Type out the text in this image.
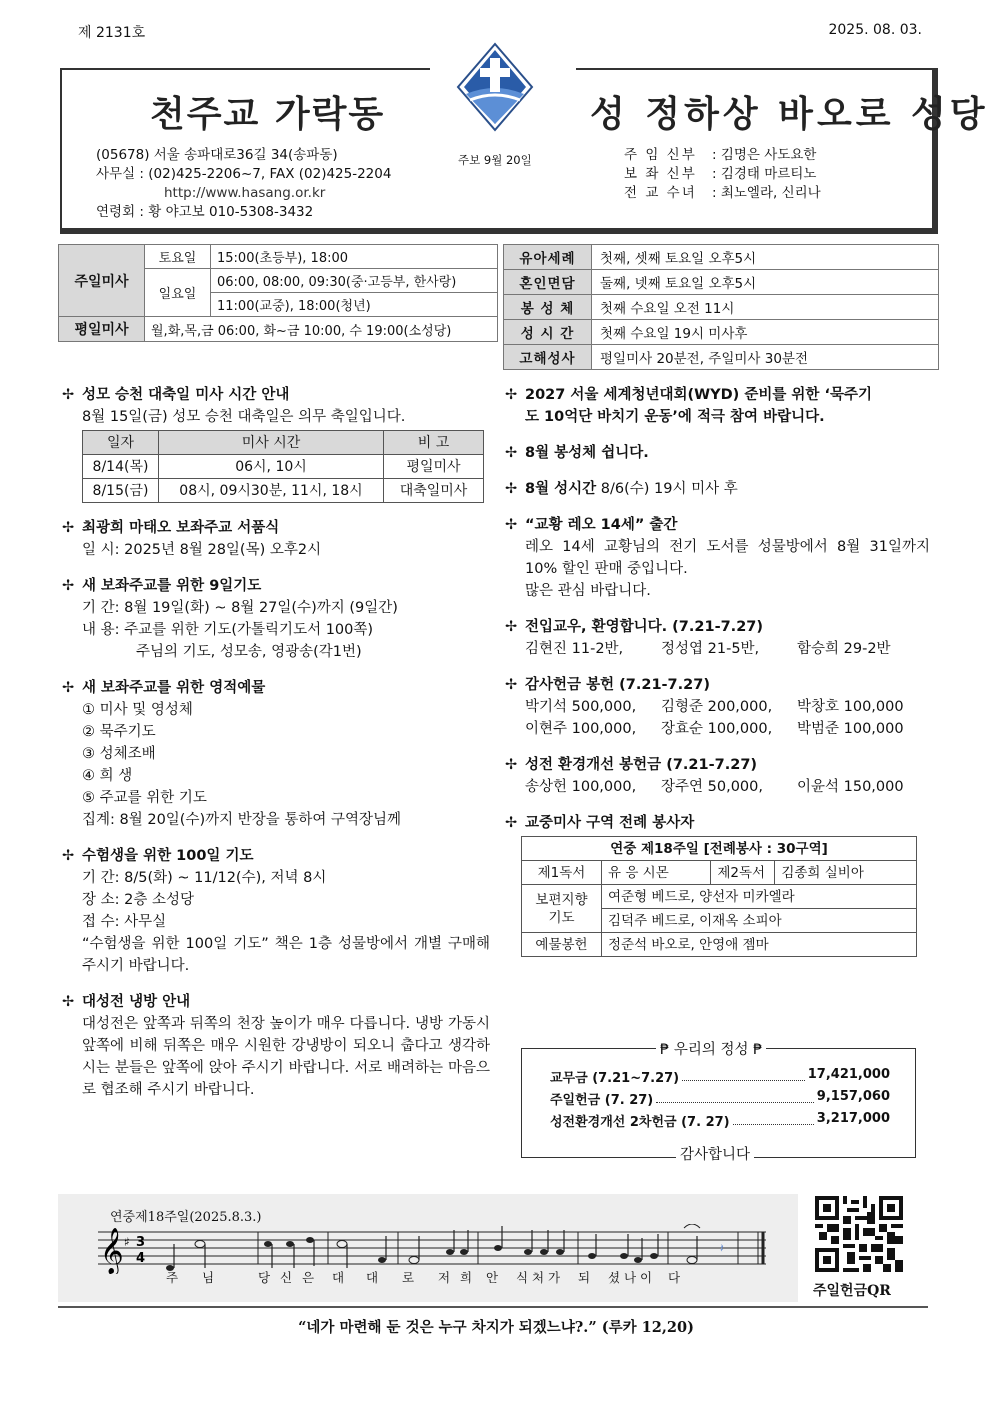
제 2131호	2025. 08. 03.
천주교 가락동	성 정하상 바오로 성당
(05678) 서울 송파대로36길 34(송파동)
사무실 : (02)425-2206~7, FAX (02)425-2204
http://www.hasang.or.kr
연령회 : 황 야고보 010-5308-3432
주보 9월 20일	주 임 신부 : 김명은 사도요한
보 좌 신부 : 김경태 마르티노
전 교 수녀 : 최노엘라, 신리나
주일미사	토요일	15:00(초등부), 18:00
	일요일	06:00, 08:00, 09:30(중·고등부, 한사랑)
		11:00(교중), 18:00(청년)
평일미사	월,화,목,금 06:00, 화~금 10:00, 수 19:00(소성당)	
유아세례	첫째, 셋째 토요일 오후5시
혼인면담	둘째, 넷째 토요일 오후5시
봉 성 체	첫째 수요일 오전 11시
성 시 간	첫째 수요일 19시 미사후
고해성사	평일미사 20분전, 주일미사 30분전
✢ 성모 승천 대축일 미사 시간 안내

8월 15일(금) 성모 승천 대축일은 의무 축일입니다.

일자	미사 시간	비 고
8/14(목)	06시, 10시	평일미사
8/15(금)	08시, 09시30분, 11시, 18시	대축일미사
✢ 최광희 마태오 보좌주교 서품식

일 시: 2025년 8월 28일(목) 오후2시

✢ 새 보좌주교를 위한 9일기도

기 간: 8월 19일(화) ~ 8월 27일(수)까지 (9일간)

내 용: 주교를 위한 기도(가톨릭기도서 100쪽)

주님의 기도, 성모송, 영광송(각1번)

✢ 새 보좌주교를 위한 영적예물

① 미사 및 영성체

② 묵주기도

③ 성체조배

④ 희 생

⑤ 주교를 위한 기도

집계: 8월 20일(수)까지 반장을 통하여 구역장님께

✢ 수험생을 위한 100일 기도

기 간: 8/5(화) ~ 11/12(수), 저녁 8시

장 소: 2층 소성당

접 수: 사무실

“수험생을 위한 100일 기도” 책은 1층 성물방에서 개별 구매해 주시기 바랍니다.

✢ 대성전 냉방 안내

대성전은 앞쪽과 뒤쪽의 천장 높이가 매우 다릅니다. 냉방 가동시 앞쪽에 비해 뒤쪽은 매우 시원한 강냉방이 되오니 춥다고 생각하시는 분들은 앞쪽에 앉아 주시기 바랍니다. 서로 배려하는 마음으로 협조해 주시기 바랍니다.

✢ 2027 서울 세계청년대회(WYD) 준비를 위한 ‘묵주기
도 10억단 바치기 운동’에 적극 참여 바랍니다.
✢ 8월 봉성체 쉽니다.
✢ 8월 성시간 8/6(수) 19시 미사 후
✢ “교황 레오 14세” 출간

레오 14세 교황님의 전기 도서를 성물방에서 8월 31일까지 10% 할인 판매 중입니다.

많은 관심 바랍니다.

✢ 전입교우, 환영합니다. (7.21-7.27)
김현진 11-2반,	정성엽 21-5반,	함승희 29-2반
✢ 감사헌금 봉헌 (7.21-7.27)
박기석 500,000,	김형준 200,000,	박창호 100,000
이현주 100,000,	장효순 100,000,	박범준 100,000
✢ 성전 환경개선 봉헌금 (7.21-7.27)
송상헌 100,000,	장주연 50,000,	이윤석 150,000
✢ 교중미사 구역 전례 봉사자
연중 제18주일 [전례봉사 : 30구역]			
제1독서	유 응 시몬	제2독서	김종희 실비아
보편지향 기도	여준형 베드로, 양선자 미카엘라		
	김덕주 베드로, 이재옥 소피아		
예물봉헌	정준석 바오로, 안영애 젬마		
교무금 (7.21~7.27)	17,421,000
주일헌금 (7. 27)	9,157,060
성전환경개선 2차헌금 (7. 27)	3,217,000
₱ 우리의 정성 ₱
감사합니다
연중제18주일(2025.8.3.)
𝄞 ♯ 3
4
𝄽
주	님	당 신 은	대	대	로	저 희	안	식 처 가	되	셨 나 이	다
주일헌금QR
“네가 마련해 둔 것은 누구 차지가 되겠느냐?.” (루카 12,20)
